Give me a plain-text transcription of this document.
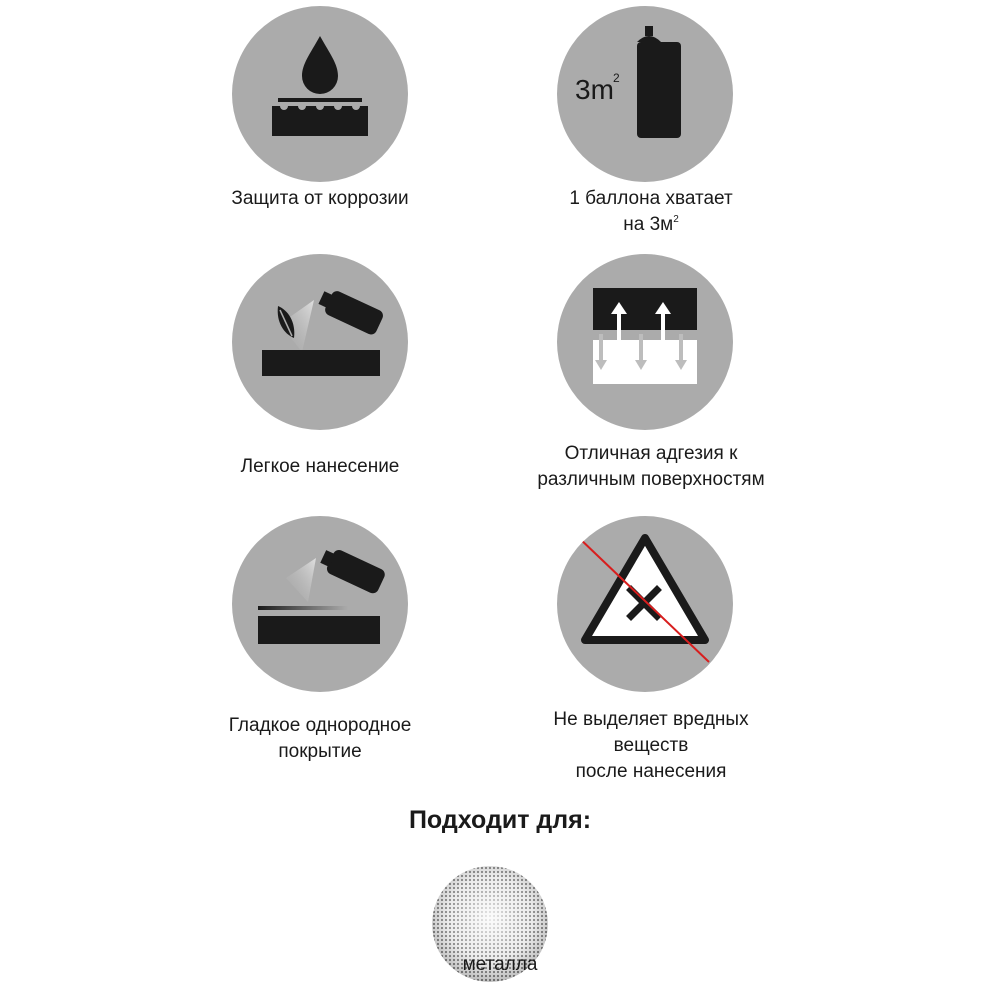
Защита от коррозии
3m 2
1 баллона хватает
на $3м^2$
Легкое нанесение
Отличная адгезия к
различным поверхностям
Гладкое однородное
покрытие
Не выделяет вредных
веществ
после нанесения
Подходит для:
металла
